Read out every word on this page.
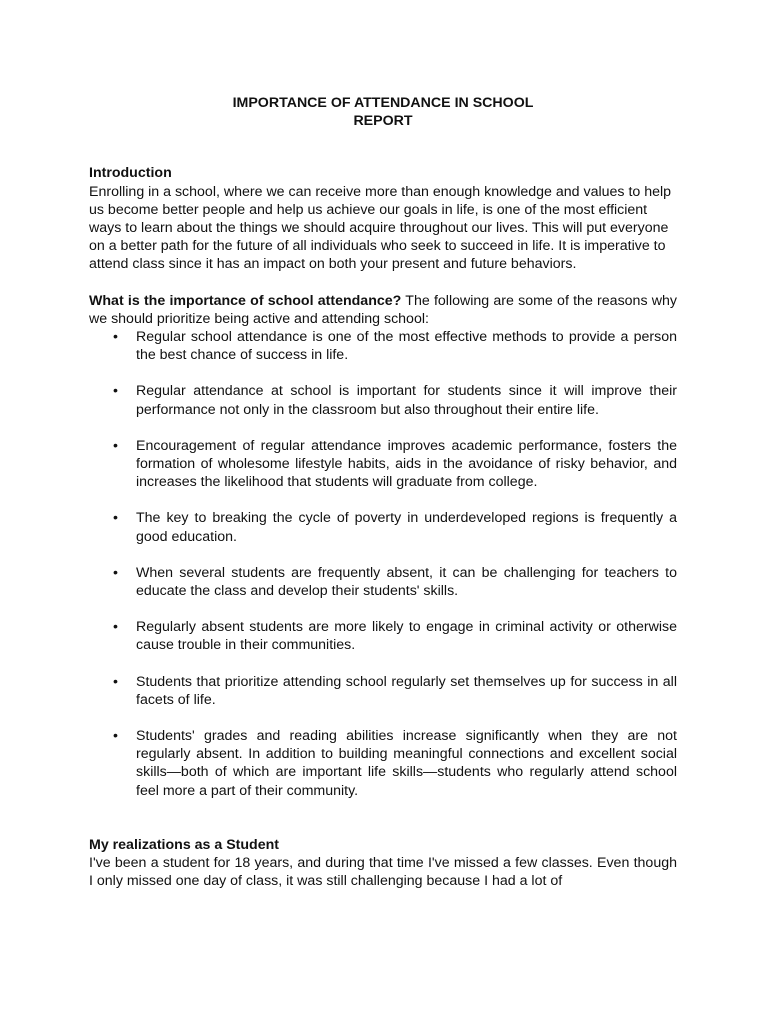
IMPORTANCE OF ATTENDANCE IN SCHOOL
REPORT

Introduction

Enrolling in a school, where we can receive more than enough knowledge and values to help us become better people and help us achieve our goals in life, is one of the most efficient ways to learn about the things we should acquire throughout our lives. This will put everyone on a better path for the future of all individuals who seek to succeed in life. It is imperative to attend class since it has an impact on both your present and future behaviors.

What is the importance of school attendance? The following are some of the reasons why we should prioritize being active and attending school:

• Regular school attendance is one of the most effective methods to provide a person the best chance of success in life.
• Regular attendance at school is important for students since it will improve their performance not only in the classroom but also throughout their entire life.
• Encouragement of regular attendance improves academic performance, fosters the formation of wholesome lifestyle habits, aids in the avoidance of risky behavior, and increases the likelihood that students will graduate from college.
• The key to breaking the cycle of poverty in underdeveloped regions is frequently a good education.
• When several students are frequently absent, it can be challenging for teachers to educate the class and develop their students' skills.
• Regularly absent students are more likely to engage in criminal activity or otherwise cause trouble in their communities.
• Students that prioritize attending school regularly set themselves up for success in all facets of life.
• Students' grades and reading abilities increase significantly when they are not regularly absent. In addition to building meaningful connections and excellent social skills—both of which are important life skills—students who regularly attend school feel more a part of their community.

My realizations as a Student

I've been a student for 18 years, and during that time I've missed a few classes. Even though I only missed one day of class, it was still challenging because I had a lot of
